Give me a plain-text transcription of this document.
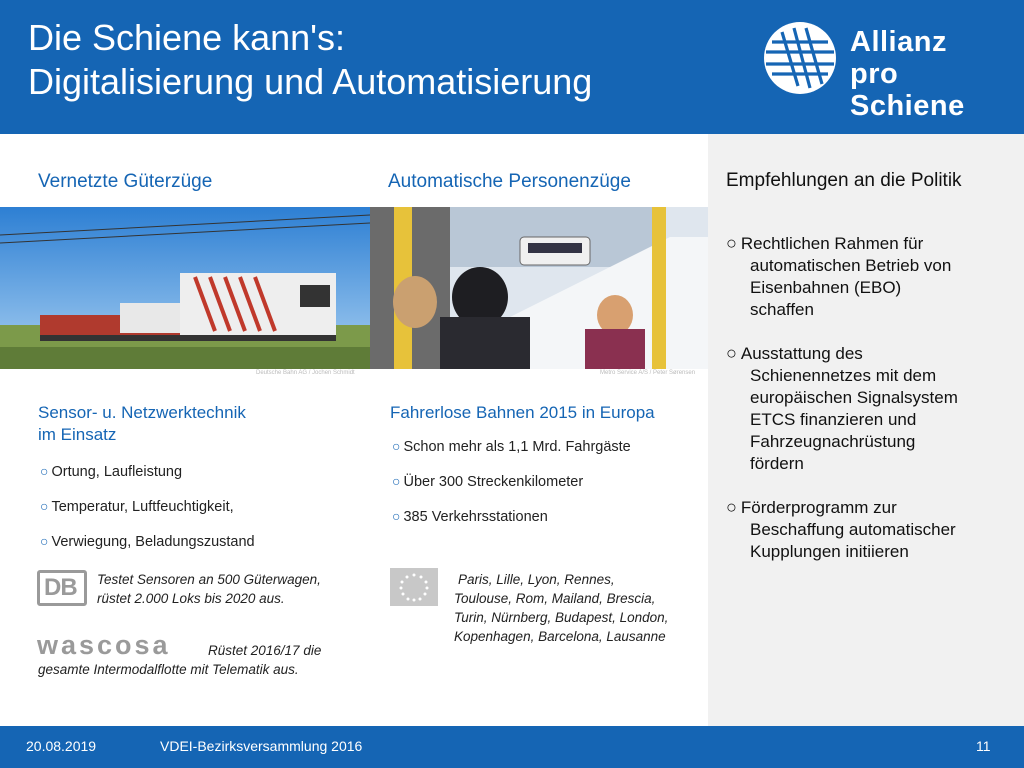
Die Schiene kann's:
Digitalisierung und Automatisierung
Allianz
pro Schiene
Vernetzte Güterzüge
Deutsche Bahn AG / Jochen Schmidt
Sensor- u. Netzwerktechnik
im Einsatz
○ Ortung, Laufleistung
○ Temperatur, Luftfeuchtigkeit,
○ Verwiegung, Beladungszustand
DB Testet Sensoren an 500 Güterwagen,
rüstet 2.000 Loks bis 2020 aus.
wascosa	Rüstet 2016/17 die
gesamte Intermodalflotte mit Telematik aus.
Automatische Personenzüge
Metro Service A/S / Peter Sørensen
Fahrerlose Bahnen 2015 in Europa
○ Schon mehr als 1,1 Mrd. Fahrgäste
○ Über 300 Streckenkilometer
○ 385 Verkehrsstationen
Paris, Lille, Lyon, Rennes,
Toulouse, Rom, Mailand, Brescia,
Turin, Nürnberg, Budapest, London,
Kopenhagen, Barcelona, Lausanne
Empfehlungen an die Politik
○ Rechtlichen Rahmen für
automatischen Betrieb von
Eisenbahnen (EBO)
schaffen
○ Ausstattung des
Schienennetzes mit dem
europäischen Signalsystem
ETCS finanzieren und
Fahrzeugnachrüstung
fördern
○ Förderprogramm zur
Beschaffung automatischer
Kupplungen initiieren
20.08.2019	VDEI-Bezirksversammlung 2016	11
